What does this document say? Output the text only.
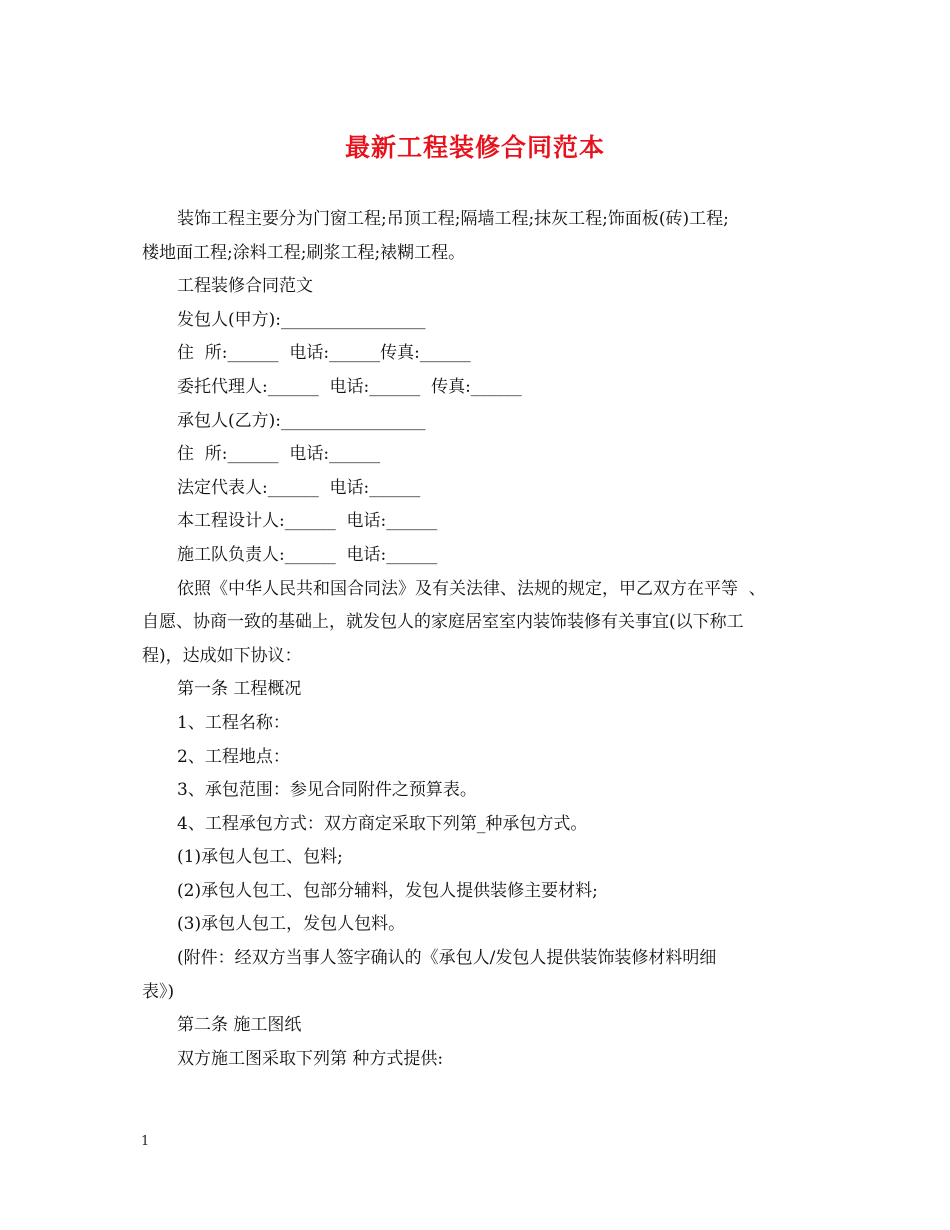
最新工程装修合同范本

装饰工程主要分为门窗工程;吊顶工程;隔墙工程;抹灰工程;饰面板(砖)工程;

楼地面工程;涂料工程;刷浆工程;裱糊工程。

工程装修合同范文

发包人(甲方):_________________

住  所:______  电话:______传真:______

委托代理人:______  电话:______  传真:______

承包人(乙方):_________________

住  所:______  电话:______

法定代表人:______  电话:______

本工程设计人:______  电话:______

施工队负责人:______  电话:______

依照《中华人民共和国合同法》及有关法律、法规的规定，甲乙双方在平等  、

自愿、协商一致的基础上，就发包人的家庭居室室内装饰装修有关事宜(以下称工

程)，达成如下协议：

第一条 工程概况

1、工程名称：

2、工程地点：

3、承包范围：参见合同附件之预算表。

4、工程承包方式：双方商定采取下列第_种承包方式。

(1)承包人包工、包料;

(2)承包人包工、包部分辅料，发包人提供装修主要材料;

(3)承包人包工，发包人包料。

(附件：经双方当事人签字确认的《承包人/发包人提供装饰装修材料明细

表》)

第二条 施工图纸

双方施工图采取下列第 种方式提供:

1
